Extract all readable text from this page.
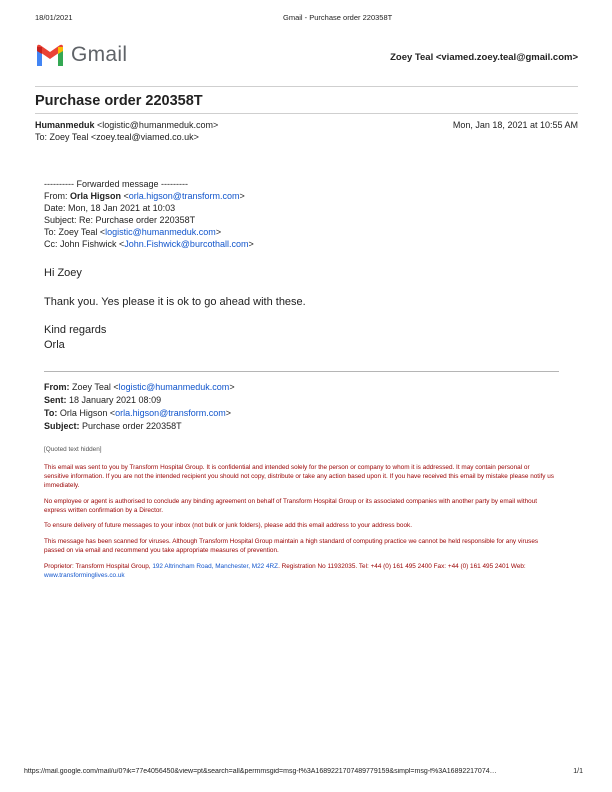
18/01/2021	Gmail - Purchase order 220358T
Gmail	Zoey Teal <viamed.zoey.teal@gmail.com>
Purchase order 220358T
Humanmeduk <logistic@humanmeduk.com>	Mon, Jan 18, 2021 at 10:55 AM
To: Zoey Teal <zoey.teal@viamed.co.uk>
---------- Forwarded message ---------
From: Orla Higson <orla.higson@transform.com>
Date: Mon, 18 Jan 2021 at 10:03
Subject: Re: Purchase order 220358T
To: Zoey Teal <logistic@humanmeduk.com>
Cc: John Fishwick <John.Fishwick@burcothall.com>
Hi Zoey
Thank you. Yes please it is ok to go ahead with these.
Kind regards
Orla
From: Zoey Teal <logistic@humanmeduk.com>
Sent: 18 January 2021 08:09
To: Orla Higson <orla.higson@transform.com>
Subject: Purchase order 220358T
[Quoted text hidden]
This email was sent to you by Transform Hospital Group. It is confidential and intended solely for the person or company to whom it is addressed. It may contain personal or sensitive information. If you are not the intended recipient you should not copy, distribute or take any action based upon it. If you have received this email by mistake please notify us immediately.
No employee or agent is authorised to conclude any binding agreement on behalf of Transform Hospital Group or its associated companies with another party by email without express written confirmation by a Director.
To ensure delivery of future messages to your inbox (not bulk or junk folders), please add this email address to your address book.
This message has been scanned for viruses. Although Transform Hospital Group maintain a high standard of computing practice we cannot be held responsible for any viruses passed on via email and recommend you take appropriate measures of prevention.
Proprietor: Transform Hospital Group, 192 Altrincham Road, Manchester, M22 4RZ. Registration No 11932035. Tel: +44 (0) 161 495 2400 Fax: +44 (0) 161 495 2401 Web: www.transforminglives.co.uk
https://mail.google.com/mail/u/0?ik=77e4056450&view=pt&search=all&permmsgid=msg-f%3A1689221707489779159&simpl=msg-f%3A16892217074…	1/1
